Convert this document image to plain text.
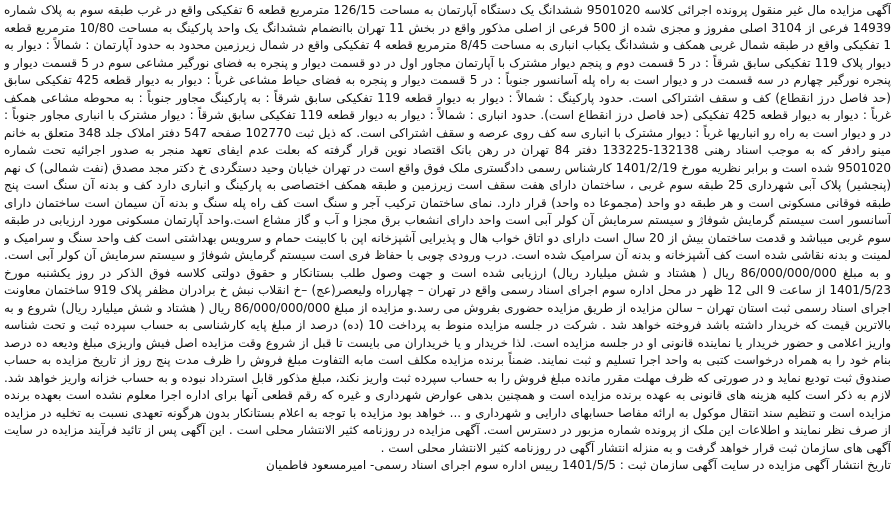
آگهی مزایده مال غیر منقول پرونده اجرائی کلاسه 9501020 ششدانگ یک دستگاه آپارتمان به مساحت 126/15 مترمربع قطعه 6 تفکیکی واقع در غرب طبقه سوم به پلاک شماره 14939 فرعی از 3104 اصلی مفروز و مجزی شده از 500 فرعی از اصلی مذکور واقع در بخش 11 تهران باانضمام ششدانگ یک واحد پارکینگ به مساحت 10/80 مترمربع قطعه 1 تفکیکی واقع در طبقه شمال غربی همکف و ششدانگ یکباب انباری به مساحت 8/45 مترمربع قطعه 4 تفکیکی واقع در شمال زیرزمین محدود به حدود آپارتمان : شمالاً : دیوار به دیوار پلاک 119 تفکیکی سابق شرقاً : در 5 قسمت دوم و پنجم دیوار مشترک با آپارتمان مجاور اول در دو قسمت دیوار و پنجره به فضای نورگیر مشاعی سوم در 5 قسمت دیوار و پنجره نورگیر چهارم در سه قسمت در و دیوار است به راه پله آسانسور جنوباً : در 5 قسمت دیوار و پنجره به فضای حیاط مشاعی غرباً : دیوار به دیوار قطعه 425 تفکیکی سابق (حد فاصل درز انقطاع) کف و سقف اشتراکی است. حدود پارکینگ : شمالاً : دیوار به دیوار قطعه 119 تفکیکی سابق شرقاً : به پارکینگ مجاور جنوباً : به محوطه مشاعی همکف غرباً : دیوار به دیوار قطعه 425 تفکیکی (حد فاصل درز انقطاع است). حدود انباری : شمالاً : دیوار به دیوار قطعه 119 تفکیکی سابق شرقاً : دیوار مشترک با انباری مجاور جنوباً : در و دیوار است به راه رو انباریها غرباً : دیوار مشترک با انباری سه کف روی عرصه و سقف اشتراکی است. که ذیل ثبت 102770 صفحه 547 دفتر املاک جلد 348 متعلق به خانم مینو رادفر که به موجب اسناد رهنی 132138-133225 دفتر 84 تهران در رهن بانک اقتصاد نوین قرار گرفته که بعلت عدم ایفای تعهد منجر به صدور اجرائیه تحت شماره 9501020 شده است و برابر نظریه مورخ 1401/2/19 کارشناس رسمی دادگستری ملک فوق واقع است در تهران خیابان وحید دستگردی خ دکتر مجد مصدق (نفت شمالی) ک نهم (پنجشیر) پلاک آبی شهرداری 25 طبقه سوم غربی ، ساختمان دارای هفت سقف است زیرزمین و طبقه همکف اختصاصی به پارکینگ و انباری دارد کف و بدنه آن سنگ است پنج طبقه فوقانی مسکونی است و هر طبقه دو واحد (مجموعا ده واحد) قرار دارد. نمای ساختمان ترکیب آجر و سنگ است کف راه پله سنگ و بدنه آن سیمان است ساختمان دارای آسانسور است سیستم گرمایش شوفاژ و سیستم سرمایش آن کولر آبی است واحد دارای انشعاب برق مجزا و آب و گاز مشاع است.واحد آپارتمان مسکونی مورد ارزیابی در طبقه سوم غربی میباشد و قدمت ساختمان بیش از 20 سال است دارای دو اتاق خواب هال و پذیرایی آشپزخانه اپن با کابینت حمام و سرویس بهداشتی است کف واحد سنگ و سرامیک و لمینت و بدنه نقاشی شده است کف آشپزخانه و بدنه آن سرامیک شده است. درب ورودی چوبی با حفاظ فری است سیستم گرمایش شوفاژ و سیستم سرمایش آن کولر آبی است. و به مبلغ 86/000/000/000 ریال ( هشتاد و شش میلیارد ریال) ارزیابی شده است و جهت وصول طلب بستانکار و حقوق دولتی کلاسه فوق الذکر در روز یکشنبه مورخ 1401/5/23 از ساعت 9 الی 12 ظهر در محل اداره سوم اجرای اسناد رسمی واقع در تهران – چهارراه ولیعصر(عج) –خ انقلاب نبش خ برادران مظفر پلاک 919 ساختمان معاونت اجرای اسناد رسمی ثبت استان تهران – سالن مزایده از طریق مزایده حضوری بفروش می رسد.و مزایده از مبلغ 86/000/000/000 ریال ( هشتاد و شش میلیارد ریال) شروع و به بالاترین قیمت که خریدار داشته باشد فروخته خواهد شد . شرکت در جلسه مزایده منوط به پرداخت 10 (ده) درصد از مبلغ پایه کارشناسی به حساب سپرده ثبت و تحت شناسه واریز اعلامی و حضور خریدار یا نماینده قانونی او در جلسه مزایده است. لذا خریدار و یا خریداران می بایست تا قبل از شروع وقت مزایده اصل فیش واریزی مبلغ ودیعه ده درصد بنام خود را به همراه درخواست کتبی به واحد اجرا تسلیم و ثبت نمایند. ضمناً برنده مزایده مکلف است مابه التفاوت مبلغ فروش را ظرف مدت پنج روز از تاریخ مزایده به حساب صندوق ثبت تودیع نماید و در صورتی که ظرف مهلت مقرر مانده مبلغ فروش را به حساب سپرده ثبت واریز نکند، مبلغ مذکور قابل استرداد نبوده و به حساب خزانه واریز خواهد شد. لازم به ذکر است کلیه هزینه های قانونی به عهده برنده مزایده است و همچنین بدهی عوارض شهرداری و غیره که رقم قطعی آنها برای اداره اجرا معلوم نشده است بعهده برنده مزایده است و تنظیم سند انتقال موکول به ارائه مفاصا حسابهای دارایی و شهرداری و ... خواهد بود مزایده با توجه به اعلام بستانکار بدون هرگونه تعهدی نسبت به تخلیه در مزایده از صرف نظر نمایند و اطلاعات این ملک از پرونده شماره مزبور در دسترس است. آگهی مزایده در روزنامه کثیر الانتشار محلی است . این آگهی پس از تائید فرآیند مزایده در سایت آگهی های سازمان ثبت قرار خواهد گرفت و به منزله انتشار آگهی در روزنامه کثیر الانتشار محلی است .

تاریخ انتشار آگهی مزایده در سایت آگهی سازمان ثبت : 1401/5/5 رییس اداره سوم اجرای اسناد رسمی- امیرمسعود فاطمیان
